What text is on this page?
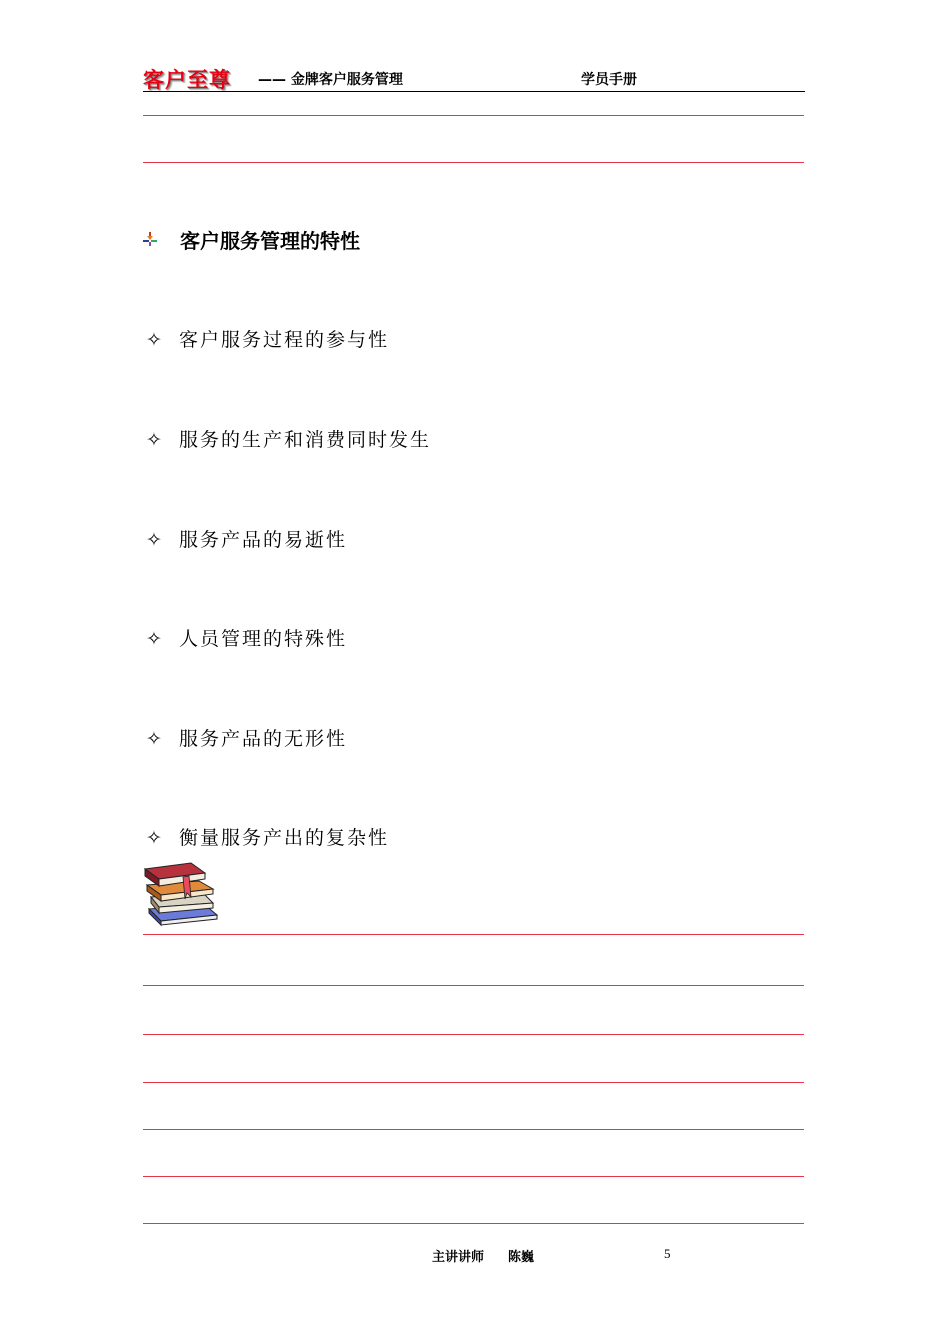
客户至尊 —— 金牌客户服务管理	学员手册
客户服务管理的特性
✧ 客户服务过程的参与性
✧ 服务的生产和消费同时发生
✧ 服务产品的易逝性
✧ 人员管理的特殊性
✧ 服务产品的无形性
✧ 衡量服务产出的复杂性
主讲讲师 陈巍	5
